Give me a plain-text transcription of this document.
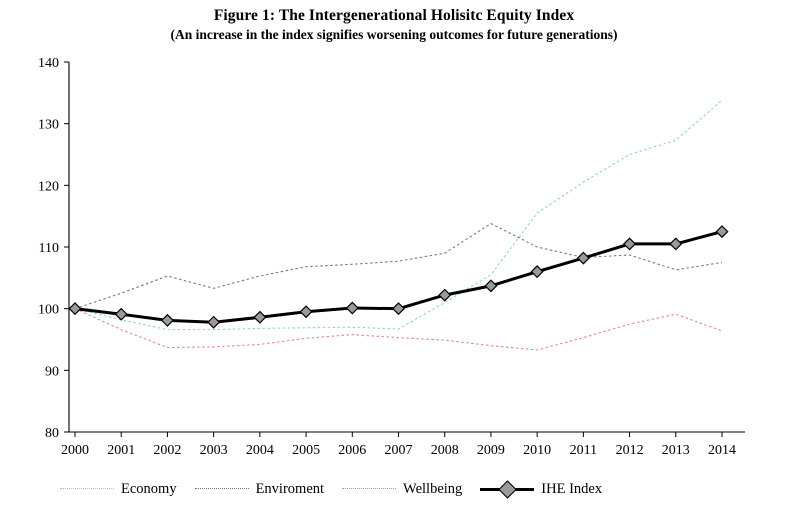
Figure 1: The Intergenerational Holisitc Equity Index
(An increase in the index signifies worsening outcomes for future generations)
80
90
100
110
120
130
140
2000 2001 2002 2003 2004 2005 2006 2007 2008 2009 2010 2011 2012 2013 2014
Economy	Enviroment	Wellbeing	IHE Index
